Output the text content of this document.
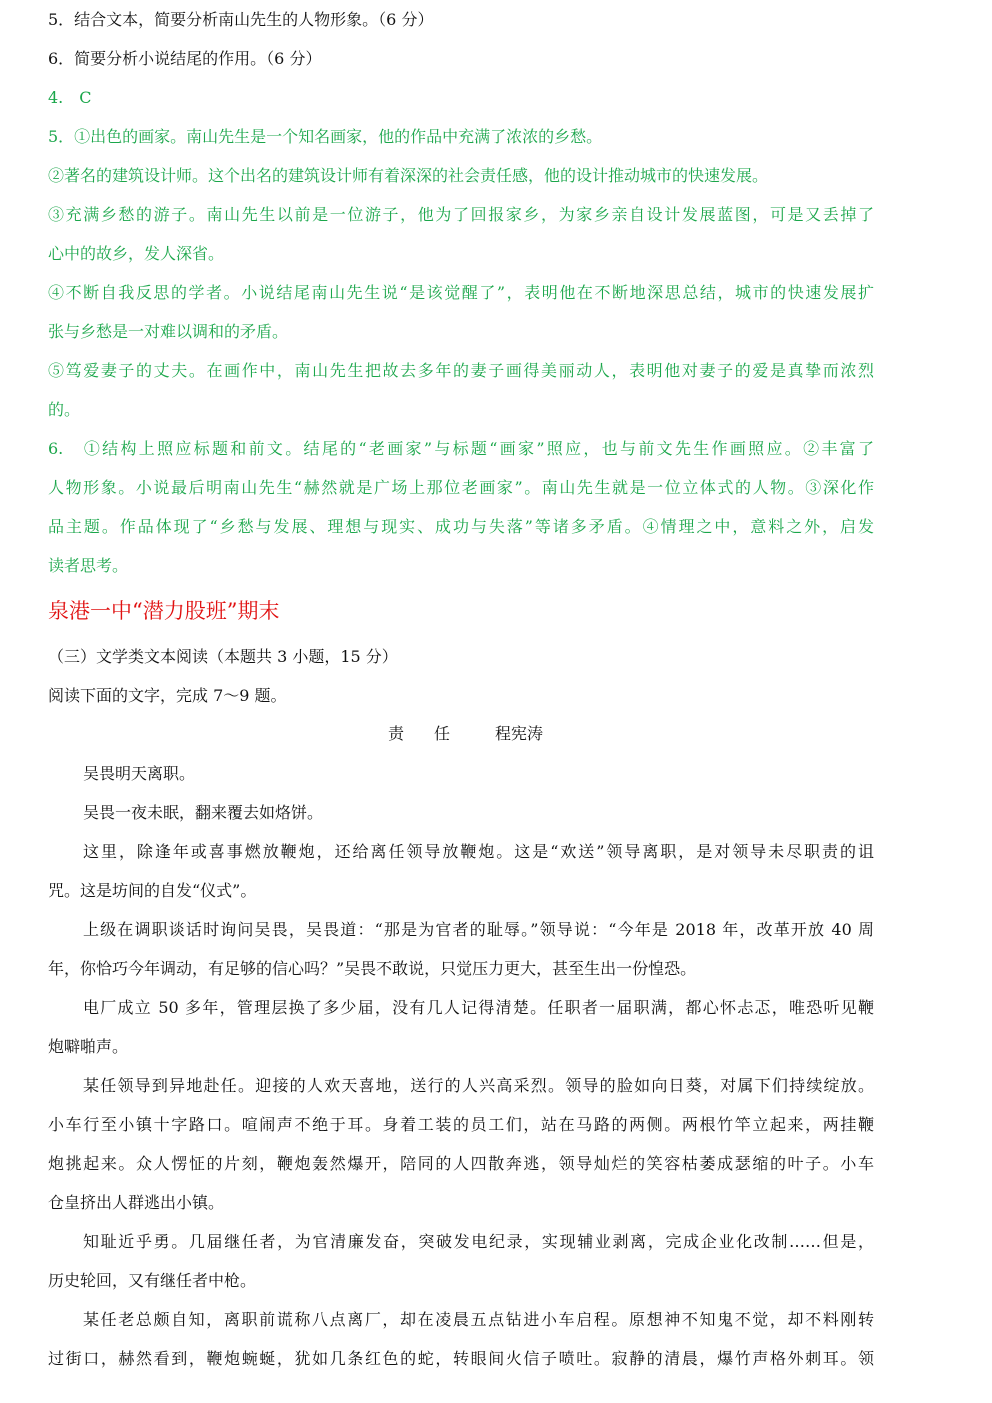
5．结合文本，简要分析南山先生的人物形象。（6 分）
6．简要分析小说结尾的作用。（6 分）
4.　C
5．①出色的画家。南山先生是一个知名画家，他的作品中充满了浓浓的乡愁。
②著名的建筑设计师。这个出名的建筑设计师有着深深的社会责任感，他的设计推动城市的快速发展。
③充满乡愁的游子。南山先生以前是一位游子，他为了回报家乡，为家乡亲自设计发展蓝图，可是又丢掉了
心中的故乡，发人深省。
④不断自我反思的学者。小说结尾南山先生说“是该觉醒了”，表明他在不断地深思总结，城市的快速发展扩
张与乡愁是一对难以调和的矛盾。
⑤笃爱妻子的丈夫。在画作中，南山先生把故去多年的妻子画得美丽动人，表明他对妻子的爱是真挚而浓烈
的。
6.　①结构上照应标题和前文。结尾的“老画家”与标题“画家”照应，也与前文先生作画照应。②丰富了
人物形象。小说最后明南山先生“赫然就是广场上那位老画家”。南山先生就是一位立体式的人物。③深化作
品主题。作品体现了“乡愁与发展、理想与现实、成功与失落”等诸多矛盾。④情理之中，意料之外，启发
读者思考。
泉港一中“潜力股班”期末
（三）文学类文本阅读（本题共 3 小题，15 分）
阅读下面的文字，完成 7～9 题。
责 任	程宪涛
吴畏明天离职。
吴畏一夜未眠，翻来覆去如烙饼。
这里，除逢年或喜事燃放鞭炮，还给离任领导放鞭炮。这是“欢送”领导离职，是对领导未尽职责的诅
咒。这是坊间的自发“仪式”。
上级在调职谈话时询问吴畏，吴畏道：“那是为官者的耻辱。”领导说：“今年是 2018 年，改革开放 40 周
年，你恰巧今年调动，有足够的信心吗？”吴畏不敢说，只觉压力更大，甚至生出一份惶恐。
电厂成立 50 多年，管理层换了多少届，没有几人记得清楚。任职者一届职满，都心怀忐忑，唯恐听见鞭
炮噼啪声。
某任领导到异地赴任。迎接的人欢天喜地，送行的人兴高采烈。领导的脸如向日葵，对属下们持续绽放。
小车行至小镇十字路口。喧闹声不绝于耳。身着工装的员工们，站在马路的两侧。两根竹竿立起来，两挂鞭
炮挑起来。众人愣怔的片刻，鞭炮轰然爆开，陪同的人四散奔逃，领导灿烂的笑容枯萎成瑟缩的叶子。小车
仓皇挤出人群逃出小镇。
知耻近乎勇。几届继任者，为官清廉发奋，突破发电纪录，实现辅业剥离，完成企业化改制……但是，
历史轮回，又有继任者中枪。
某任老总颇自知，离职前谎称八点离厂，却在凌晨五点钻进小车启程。原想神不知鬼不觉，却不料刚转
过街口，赫然看到，鞭炮蜿蜒，犹如几条红色的蛇，转眼间火信子喷吐。寂静的清晨，爆竹声格外刺耳。领
